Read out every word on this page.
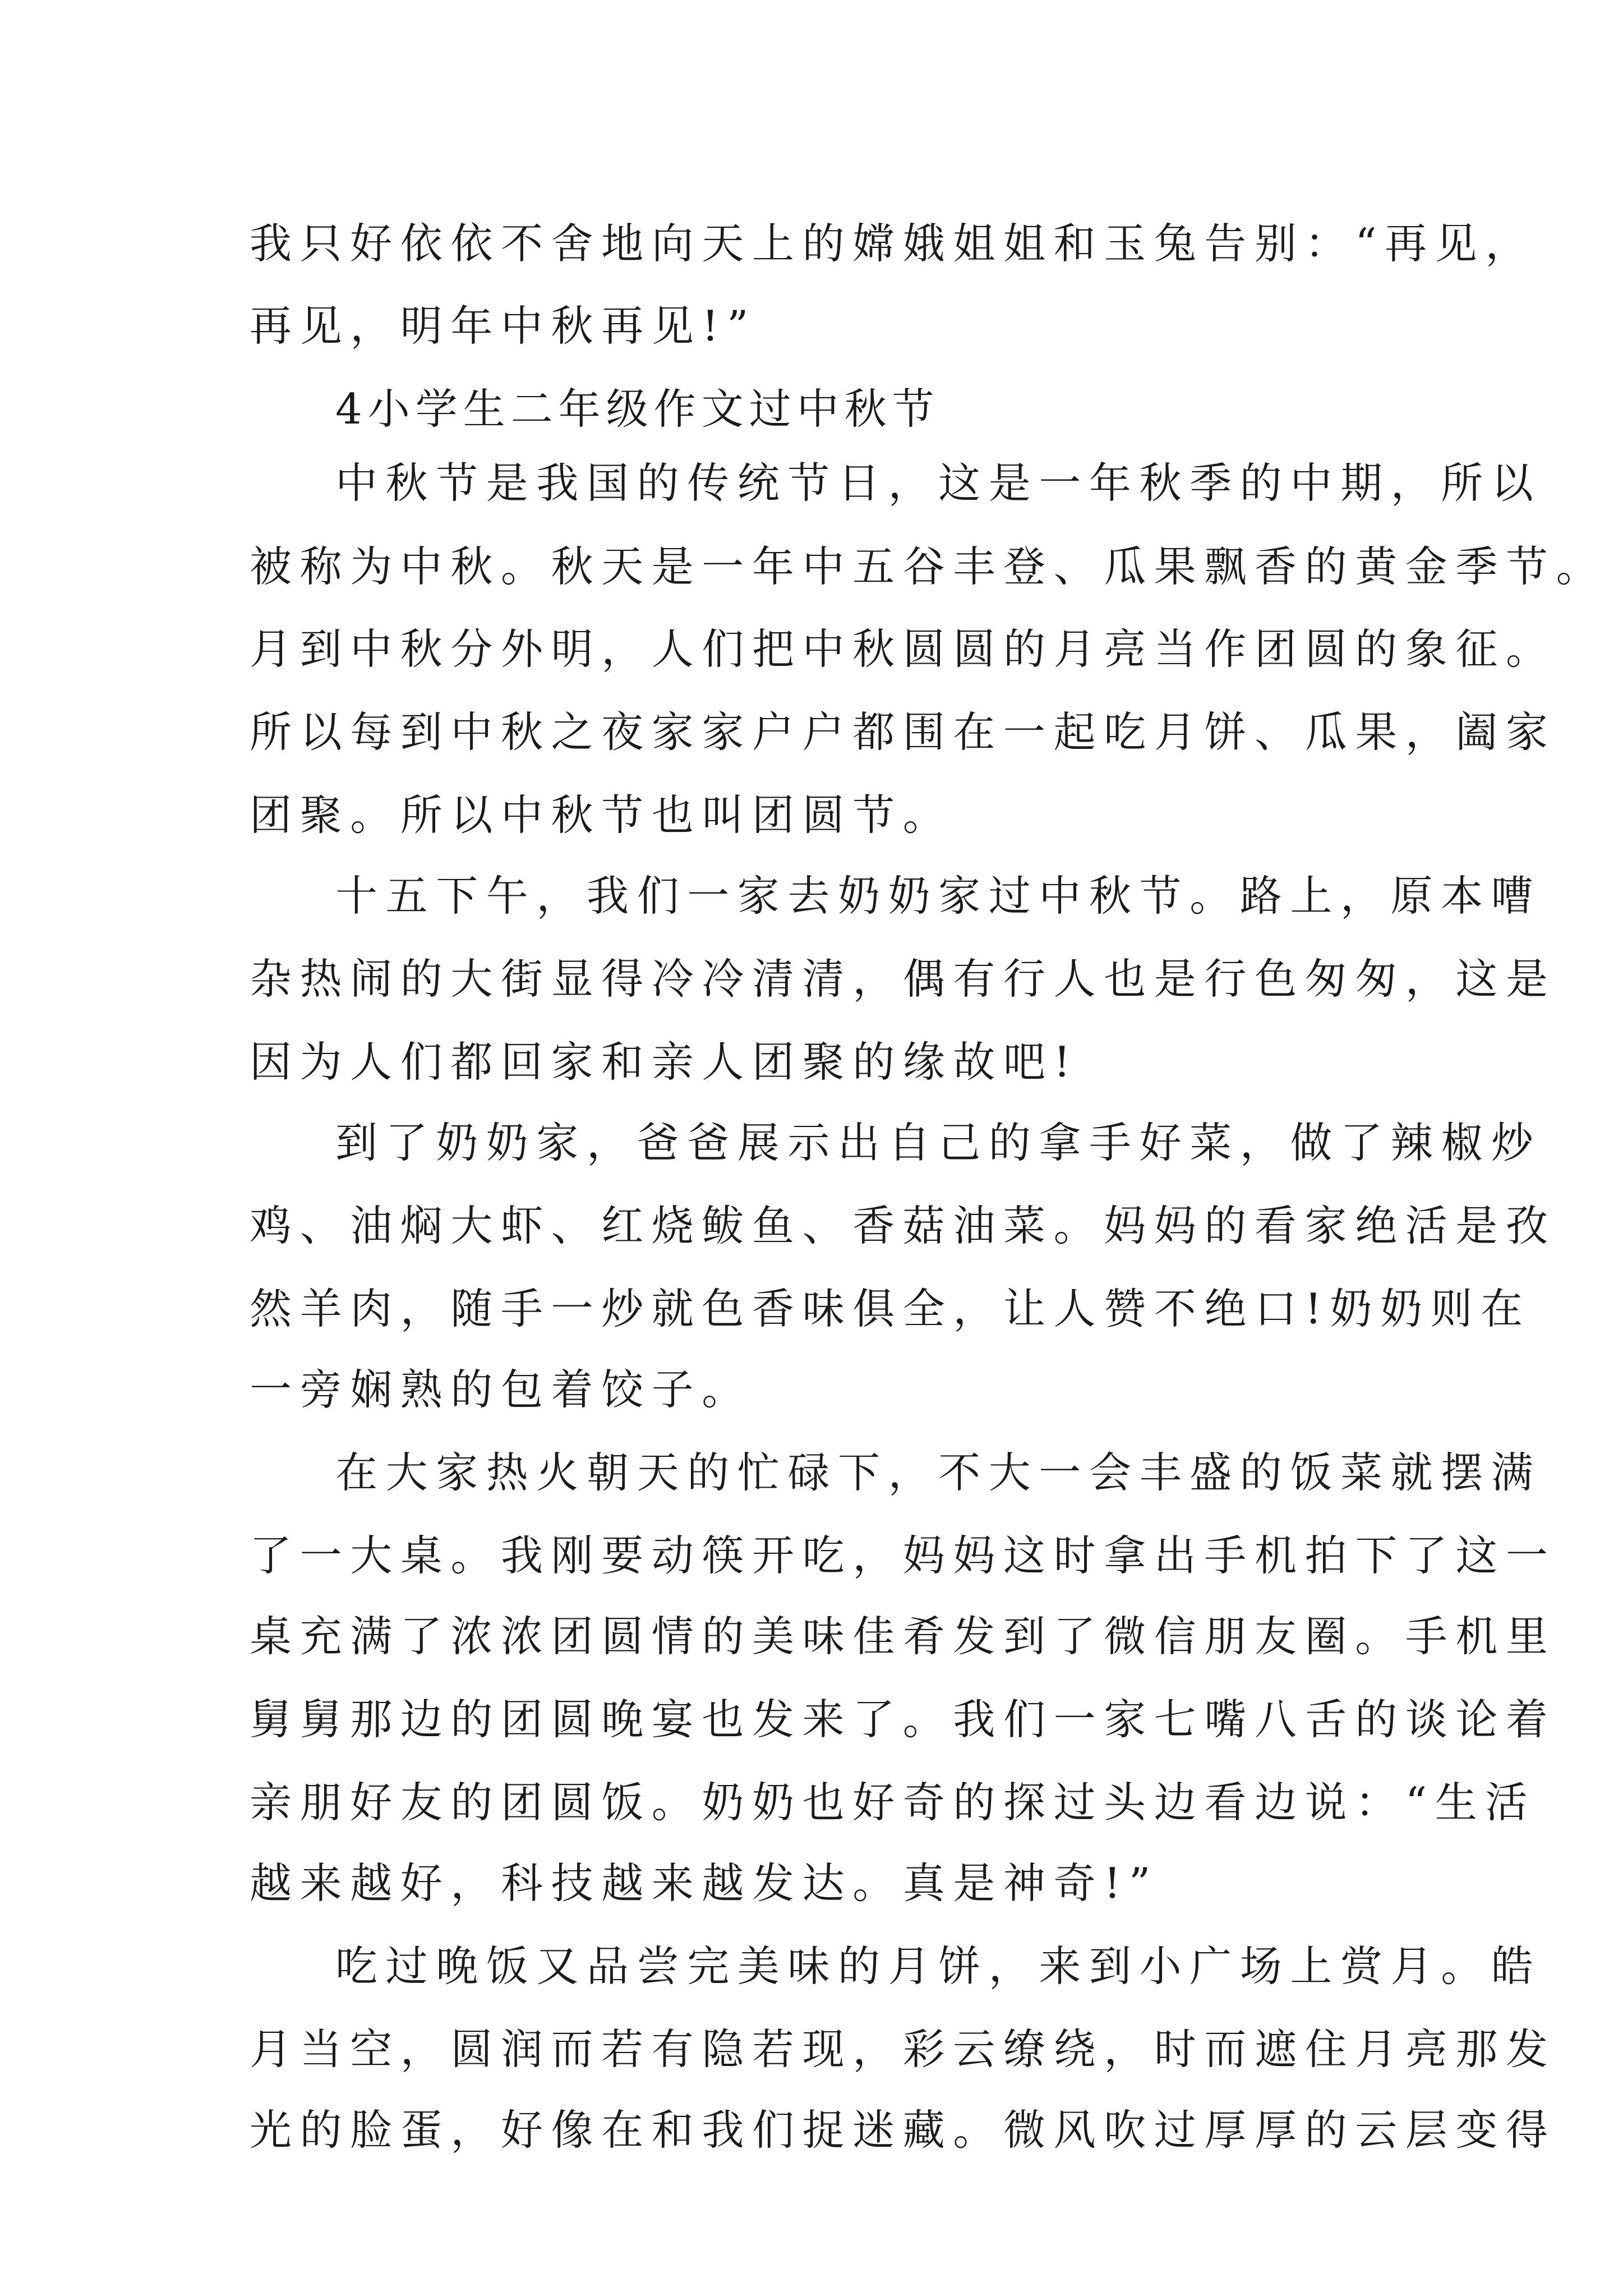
我只好依依不舍地向天上的嫦娥姐姐和玉兔告别：“再见，

再见，明年中秋再见!”

4小学生二年级作文过中秋节

中秋节是我国的传统节日，这是一年秋季的中期，所以

被称为中秋。秋天是一年中五谷丰登、瓜果飘香的黄金季节。

月到中秋分外明，人们把中秋圆圆的月亮当作团圆的象征。

所以每到中秋之夜家家户户都围在一起吃月饼、瓜果，阖家

团聚。所以中秋节也叫团圆节。

十五下午，我们一家去奶奶家过中秋节。路上，原本嘈

杂热闹的大街显得冷冷清清，偶有行人也是行色匆匆，这是

因为人们都回家和亲人团聚的缘故吧!

到了奶奶家，爸爸展示出自己的拿手好菜，做了辣椒炒

鸡、油焖大虾、红烧鲅鱼、香菇油菜。妈妈的看家绝活是孜

然羊肉，随手一炒就色香味俱全，让人赞不绝口!奶奶则在

一旁娴熟的包着饺子。

在大家热火朝天的忙碌下，不大一会丰盛的饭菜就摆满

了一大桌。我刚要动筷开吃，妈妈这时拿出手机拍下了这一

桌充满了浓浓团圆情的美味佳肴发到了微信朋友圈。手机里

舅舅那边的团圆晚宴也发来了。我们一家七嘴八舌的谈论着

亲朋好友的团圆饭。奶奶也好奇的探过头边看边说：“生活

越来越好，科技越来越发达。真是神奇!”

吃过晚饭又品尝完美味的月饼，来到小广场上赏月。皓

月当空，圆润而若有隐若现，彩云缭绕，时而遮住月亮那发

光的脸蛋，好像在和我们捉迷藏。微风吹过厚厚的云层变得
